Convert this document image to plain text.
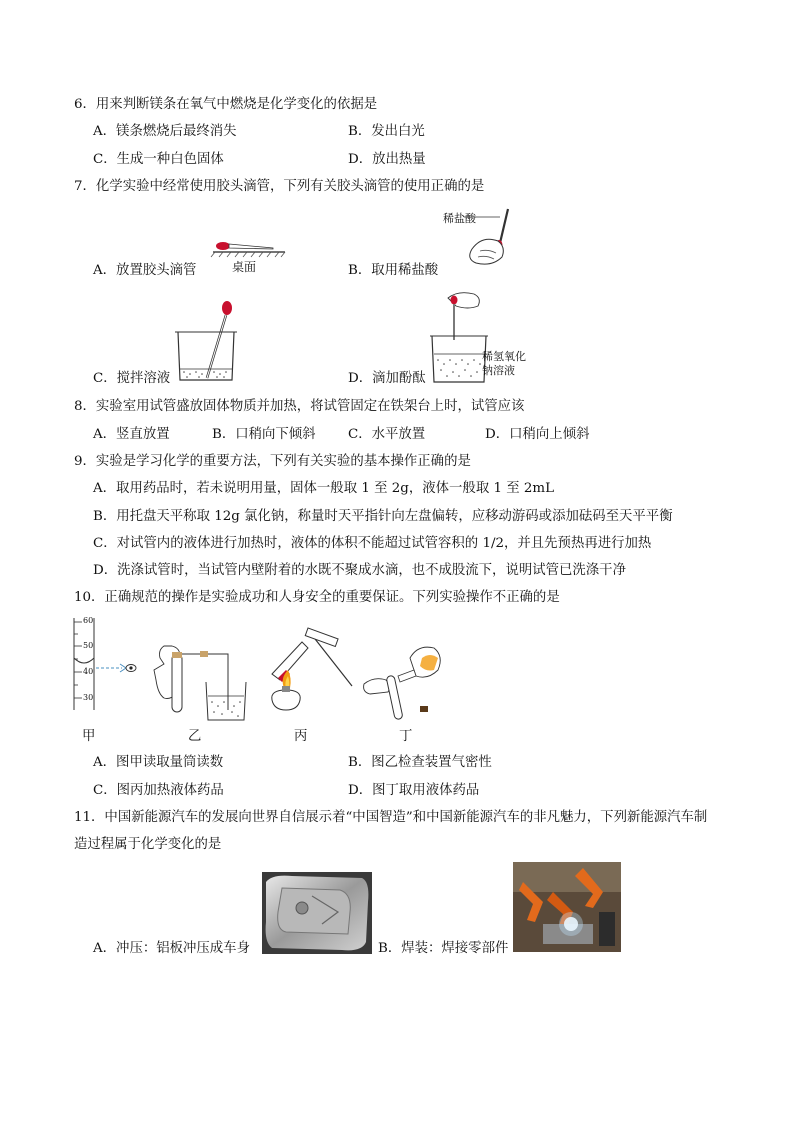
6．用来判断镁条在氧气中燃烧是化学变化的依据是
A．镁条燃烧后最终消失	B．发出白光
C．生成一种白色固体	D．放出热量
7．化学实验中经常使用胶头滴管，下列有关胶头滴管的使用正确的是
桌面
A．放置胶头滴管
稀盐酸
B．取用稀盐酸
C．搅拌溶液
稀氢氧化
钠溶液
D．滴加酚酞
8．实验室用试管盛放固体物质并加热，将试管固定在铁架台上时，试管应该
A．竖直放置	B．口稍向下倾斜 C．水平放置	D．口稍向上倾斜
9．实验是学习化学的重要方法，下列有关实验的基本操作正确的是
A．取用药品时，若未说明用量，固体一般取 1 至 2g，液体一般取 1 至 2mL
B．用托盘天平称取 12g 氯化钠，称量时天平指针向左盘偏转，应移动游码或添加砝码至天平平衡
C．对试管内的液体进行加热时，液体的体积不能超过试管容积的 1/2，并且先预热再进行加热
D．洗涤试管时，当试管内壁附着的水既不聚成水滴，也不成股流下，说明试管已洗涤干净
10．正确规范的操作是实验成功和人身安全的重要保证。下列实验操作不正确的是
60
50
40
30
甲	乙	丙	丁
A．图甲读取量筒读数	B．图乙检查装置气密性
C．图丙加热液体药品	D．图丁取用液体药品
11．中国新能源汽车的发展向世界自信展示着“中国智造”和中国新能源汽车的非凡魅力，下列新能源汽车制
造过程属于化学变化的是
A．冲压：铝板冲压成车身	B．焊装：焊接零部件
